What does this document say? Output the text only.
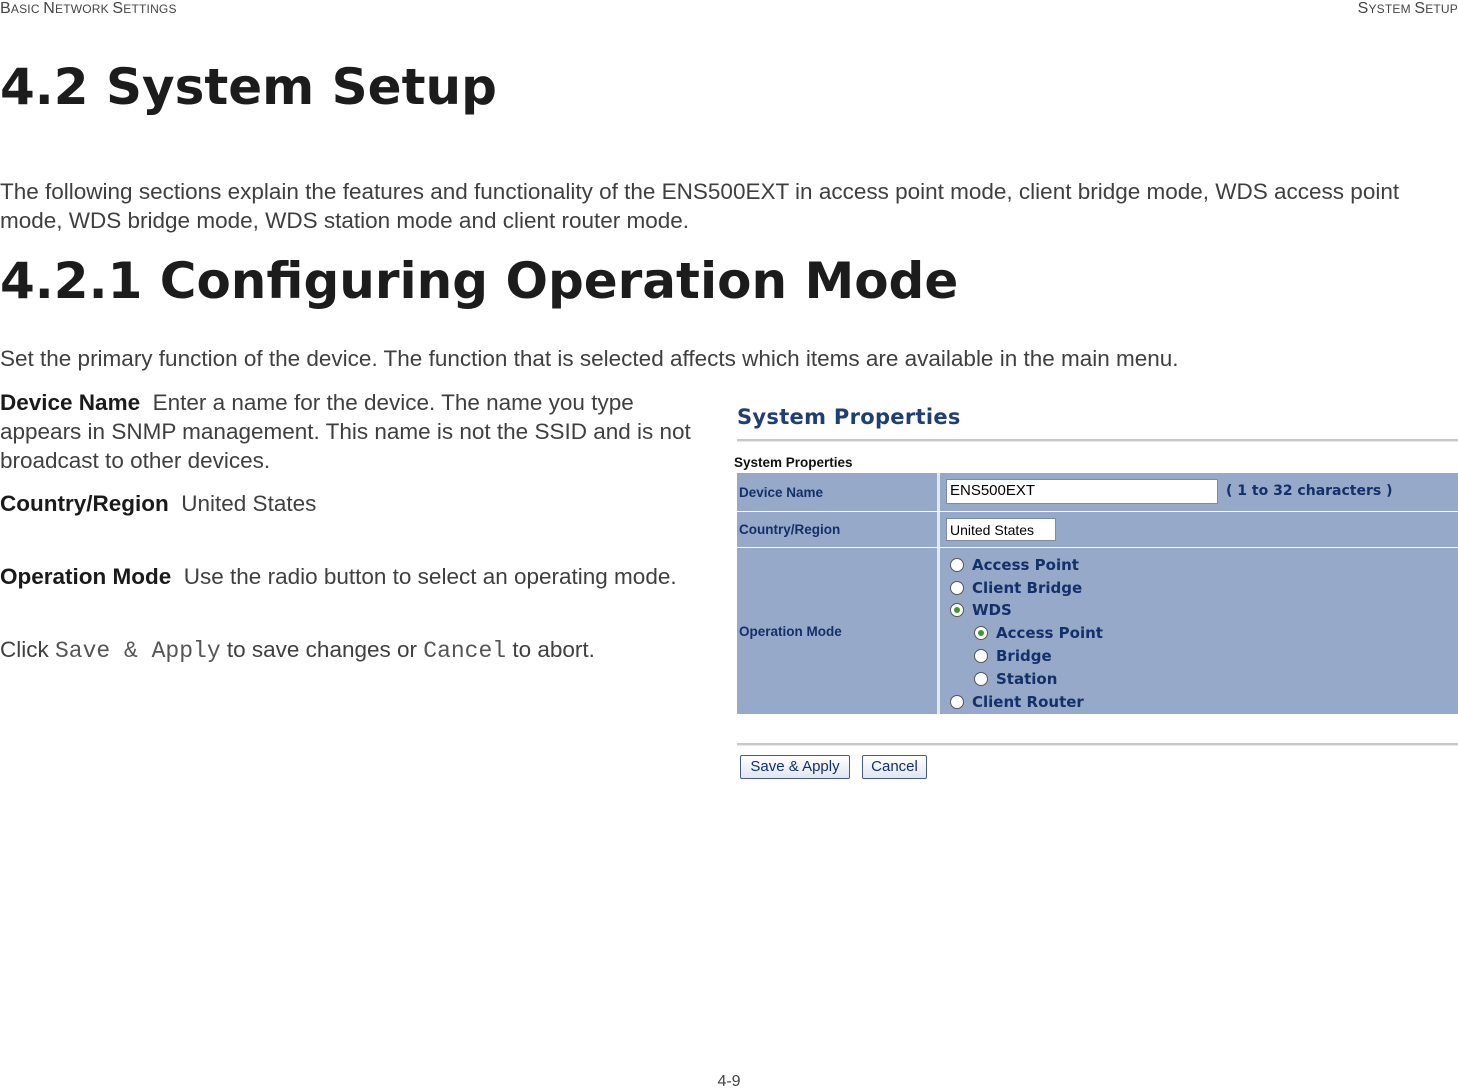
BASIC NETWORK SETTINGS	SYSTEM SETUP
4.2 System Setup

The following sections explain the features and functionality of the ENS500EXT in access point mode, client bridge mode, WDS access point mode, WDS bridge mode, WDS station mode and client router mode.

4.2.1 Configuring Operation Mode

Set the primary function of the device. The function that is selected affects which items are available in the main menu.

Device Name Enter a name for the device. The name you type appears in SNMP management. This name is not the SSID and is not broadcast to other devices.

Country/Region United States

Operation Mode Use the radio button to select an operating mode.

Click Save & Apply to save changes or Cancel to abort.

System Properties
System Properties
Device Name	ENS500EXT	( 1 to 32 characters )
Country/Region	United States
Operation Mode
Access Point
Client Bridge
WDS
Access Point
Bridge
Station
Client Router
Save & Apply	Cancel
4-9
